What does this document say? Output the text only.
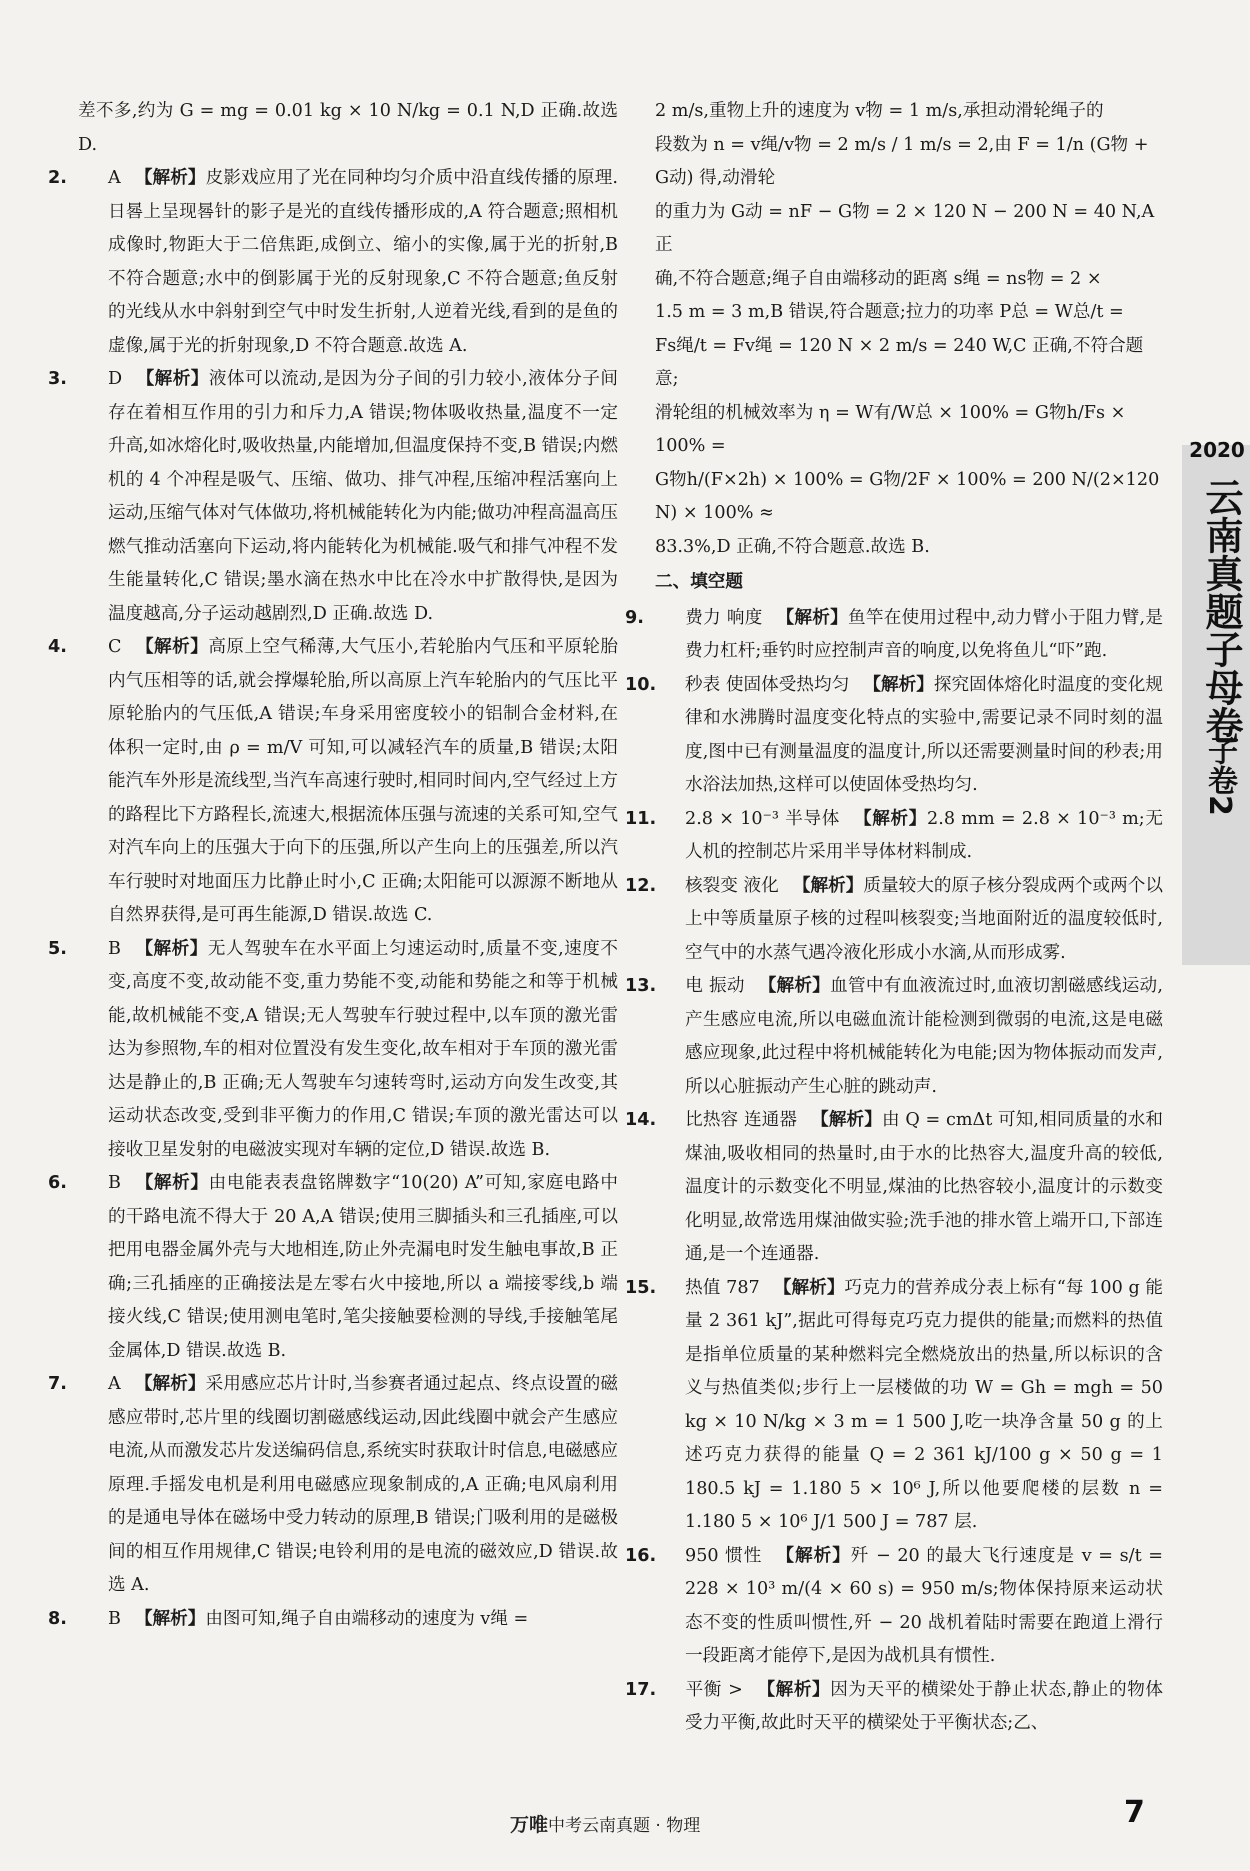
差不多,约为 G = mg = 0.01 kg × 10 N/kg = 0.1 N,D 正确.故选 D.

2. A 【解析】皮影戏应用了光在同种均匀介质中沿直线传播的原理.日晷上呈现晷针的影子是光的直线传播形成的,A 符合题意;照相机成像时,物距大于二倍焦距,成倒立、缩小的实像,属于光的折射,B 不符合题意;水中的倒影属于光的反射现象,C 不符合题意;鱼反射的光线从水中斜射到空气中时发生折射,人逆着光线,看到的是鱼的虚像,属于光的折射现象,D 不符合题意.故选 A.

3. D 【解析】液体可以流动,是因为分子间的引力较小,液体分子间存在着相互作用的引力和斥力,A 错误;物体吸收热量,温度不一定升高,如冰熔化时,吸收热量,内能增加,但温度保持不变,B 错误;内燃机的 4 个冲程是吸气、压缩、做功、排气冲程,压缩冲程活塞向上运动,压缩气体对气体做功,将机械能转化为内能;做功冲程高温高压燃气推动活塞向下运动,将内能转化为机械能.吸气和排气冲程不发生能量转化,C 错误;墨水滴在热水中比在冷水中扩散得快,是因为温度越高,分子运动越剧烈,D 正确.故选 D.

4. C 【解析】高原上空气稀薄,大气压小,若轮胎内气压和平原轮胎内气压相等的话,就会撑爆轮胎,所以高原上汽车轮胎内的气压比平原轮胎内的气压低,A 错误;车身采用密度较小的铝制合金材料,在体积一定时,由 ρ = m/V 可知,可以减轻汽车的质量,B 错误;太阳能汽车外形是流线型,当汽车高速行驶时,相同时间内,空气经过上方的路程比下方路程长,流速大,根据流体压强与流速的关系可知,空气对汽车向上的压强大于向下的压强,所以产生向上的压强差,所以汽车行驶时对地面压力比静止时小,C 正确;太阳能可以源源不断地从自然界获得,是可再生能源,D 错误.故选 C.

5. B 【解析】无人驾驶车在水平面上匀速运动时,质量不变,速度不变,高度不变,故动能不变,重力势能不变,动能和势能之和等于机械能,故机械能不变,A 错误;无人驾驶车行驶过程中,以车顶的激光雷达为参照物,车的相对位置没有发生变化,故车相对于车顶的激光雷达是静止的,B 正确;无人驾驶车匀速转弯时,运动方向发生改变,其运动状态改变,受到非平衡力的作用,C 错误;车顶的激光雷达可以接收卫星发射的电磁波实现对车辆的定位,D 错误.故选 B.

6. B 【解析】由电能表表盘铭牌数字“10(20) A”可知,家庭电路中的干路电流不得大于 20 A,A 错误;使用三脚插头和三孔插座,可以把用电器金属外壳与大地相连,防止外壳漏电时发生触电事故,B 正确;三孔插座的正确接法是左零右火中接地,所以 a 端接零线,b 端接火线,C 错误;使用测电笔时,笔尖接触要检测的导线,手接触笔尾金属体,D 错误.故选 B.

7. A 【解析】采用感应芯片计时,当参赛者通过起点、终点设置的磁感应带时,芯片里的线圈切割磁感线运动,因此线圈中就会产生感应电流,从而激发芯片发送编码信息,系统实时获取计时信息,电磁感应原理.手摇发电机是利用电磁感应现象制成的,A 正确;电风扇利用的是通电导体在磁场中受力转动的原理,B 错误;门吸利用的是磁极间的相互作用规律,C 错误;电铃利用的是电流的磁效应,D 错误.故选 A.

8. B 【解析】由图可知,绳子自由端移动的速度为 v绳 =

2 m/s,重物上升的速度为 v物 = 1 m/s,承担动滑轮绳子的

段数为 n = v绳/v物 = 2 m/s / 1 m/s = 2,由 F = 1/n (G物 + G动) 得,动滑轮

的重力为 G动 = nF − G物 = 2 × 120 N − 200 N = 40 N,A 正

确,不符合题意;绳子自由端移动的距离 s绳 = ns物 = 2 ×

1.5 m = 3 m,B 错误,符合题意;拉力的功率 P总 = W总/t =

Fs绳/t = Fv绳 = 120 N × 2 m/s = 240 W,C 正确,不符合题意;

滑轮组的机械效率为 η = W有/W总 × 100% = G物h/Fs × 100% =

G物h/(F×2h) × 100% = G物/2F × 100% = 200 N/(2×120 N) × 100% ≈

83.3%,D 正确,不符合题意.故选 B.

二、填空题

9. 费力 响度 【解析】鱼竿在使用过程中,动力臂小于阻力臂,是费力杠杆;垂钓时应控制声音的响度,以免将鱼儿“吓”跑.

10. 秒表 使固体受热均匀 【解析】探究固体熔化时温度的变化规律和水沸腾时温度变化特点的实验中,需要记录不同时刻的温度,图中已有测量温度的温度计,所以还需要测量时间的秒表;用水浴法加热,这样可以使固体受热均匀.

11. 2.8 × 10⁻³ 半导体 【解析】2.8 mm = 2.8 × 10⁻³ m;无人机的控制芯片采用半导体材料制成.

12. 核裂变 液化 【解析】质量较大的原子核分裂成两个或两个以上中等质量原子核的过程叫核裂变;当地面附近的温度较低时,空气中的水蒸气遇冷液化形成小水滴,从而形成雾.

13. 电 振动 【解析】血管中有血液流过时,血液切割磁感线运动,产生感应电流,所以电磁血流计能检测到微弱的电流,这是电磁感应现象,此过程中将机械能转化为电能;因为物体振动而发声,所以心脏振动产生心脏的跳动声.

14. 比热容 连通器 【解析】由 Q = cmΔt 可知,相同质量的水和煤油,吸收相同的热量时,由于水的比热容大,温度升高的较低,温度计的示数变化不明显,煤油的比热容较小,温度计的示数变化明显,故常选用煤油做实验;洗手池的排水管上端开口,下部连通,是一个连通器.

15. 热值 787 【解析】巧克力的营养成分表上标有“每 100 g 能量 2 361 kJ”,据此可得每克巧克力提供的能量;而燃料的热值是指单位质量的某种燃料完全燃烧放出的热量,所以标识的含义与热值类似;步行上一层楼做的功 W = Gh = mgh = 50 kg × 10 N/kg × 3 m = 1 500 J,吃一块净含量 50 g 的上述巧克力获得的能量 Q = 2 361 kJ/100 g × 50 g = 1 180.5 kJ = 1.180 5 × 10⁶ J,所以他要爬楼的层数 n = 1.180 5 × 10⁶ J/1 500 J = 787 层.

16. 950 惯性 【解析】歼 − 20 的最大飞行速度是 v = s/t = 228 × 10³ m/(4 × 60 s) = 950 m/s;物体保持原来运动状态不变的性质叫惯性,歼 − 20 战机着陆时需要在跑道上滑行一段距离才能停下,是因为战机具有惯性.

17. 平衡 > 【解析】因为天平的横梁处于静止状态,静止的物体受力平衡,故此时天平的横梁处于平衡状态;乙、

2020
云南真题子母卷
子卷2
万唯中考云南真题 · 物理	7
